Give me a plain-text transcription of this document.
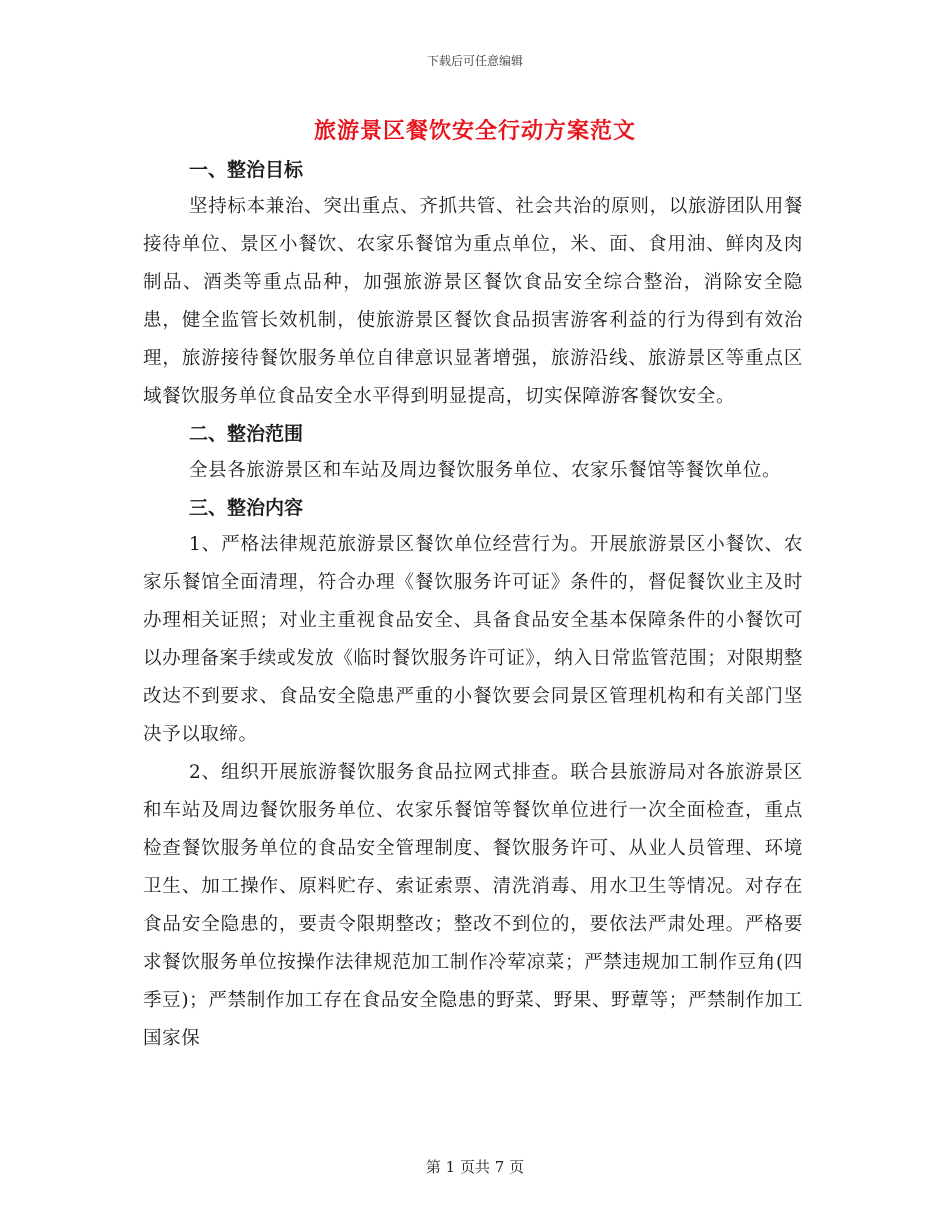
下载后可任意编辑
旅游景区餐饮安全行动方案范文

一、整治目标

坚持标本兼治、突出重点、齐抓共管、社会共治的原则，以旅游团队用餐接待单位、景区小餐饮、农家乐餐馆为重点单位，米、面、食用油、鲜肉及肉制品、酒类等重点品种，加强旅游景区餐饮食品安全综合整治，消除安全隐患，健全监管长效机制，使旅游景区餐饮食品损害游客利益的行为得到有效治理，旅游接待餐饮服务单位自律意识显著增强，旅游沿线、旅游景区等重点区域餐饮服务单位食品安全水平得到明显提高，切实保障游客餐饮安全。

二、整治范围

全县各旅游景区和车站及周边餐饮服务单位、农家乐餐馆等餐饮单位。

三、整治内容

1、严格法律规范旅游景区餐饮单位经营行为。开展旅游景区小餐饮、农家乐餐馆全面清理，符合办理《餐饮服务许可证》条件的，督促餐饮业主及时办理相关证照；对业主重视食品安全、具备食品安全基本保障条件的小餐饮可以办理备案手续或发放《临时餐饮服务许可证》，纳入日常监管范围；对限期整改达不到要求、食品安全隐患严重的小餐饮要会同景区管理机构和有关部门坚决予以取缔。

2、组织开展旅游餐饮服务食品拉网式排查。联合县旅游局对各旅游景区和车站及周边餐饮服务单位、农家乐餐馆等餐饮单位进行一次全面检查，重点检查餐饮服务单位的食品安全管理制度、餐饮服务许可、从业人员管理、环境卫生、加工操作、原料贮存、索证索票、清洗消毒、用水卫生等情况。对存在食品安全隐患的，要责令限期整改；整改不到位的，要依法严肃处理。严格要求餐饮服务单位按操作法律规范加工制作冷荤凉菜；严禁违规加工制作豆角(四季豆)；严禁制作加工存在食品安全隐患的野菜、野果、野蕈等；严禁制作加工国家保

第 1 页共 7 页
